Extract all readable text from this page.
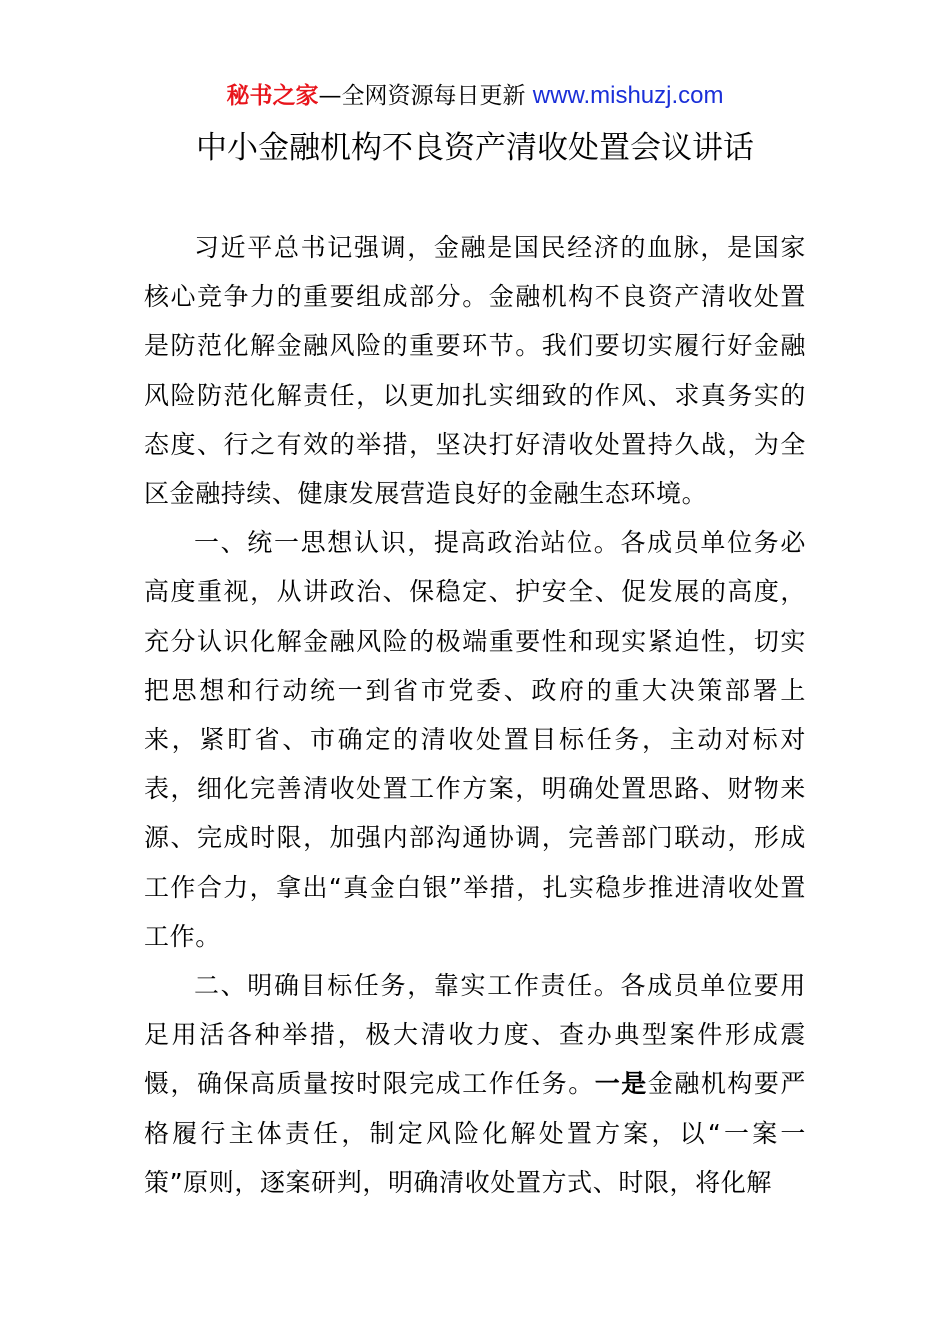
秘书之家—全网资源每日更新 www.mishuzj.com
中小金融机构不良资产清收处置会议讲话

习近平总书记强调，金融是国民经济的血脉，是国家核心竞争力的重要组成部分。金融机构不良资产清收处置是防范化解金融风险的重要环节。我们要切实履行好金融风险防范化解责任，以更加扎实细致的作风、求真务实的态度、行之有效的举措，坚决打好清收处置持久战，为全区金融持续、健康发展营造良好的金融生态环境。

一、统一思想认识，提高政治站位。各成员单位务必高度重视，从讲政治、保稳定、护安全、促发展的高度，充分认识化解金融风险的极端重要性和现实紧迫性，切实把思想和行动统一到省市党委、政府的重大决策部署上来，紧盯省、市确定的清收处置目标任务，主动对标对表，细化完善清收处置工作方案，明确处置思路、财物来源、完成时限，加强内部沟通协调，完善部门联动，形成工作合力，拿出“真金白银”举措，扎实稳步推进清收处置工作。

二、明确目标任务，靠实工作责任。各成员单位要用足用活各种举措，极大清收力度、查办典型案件形成震慑，确保高质量按时限完成工作任务。一是金融机构要严格履行主体责任，制定风险化解处置方案，以“一案一策”原则，逐案研判，明确清收处置方式、时限，将化解
